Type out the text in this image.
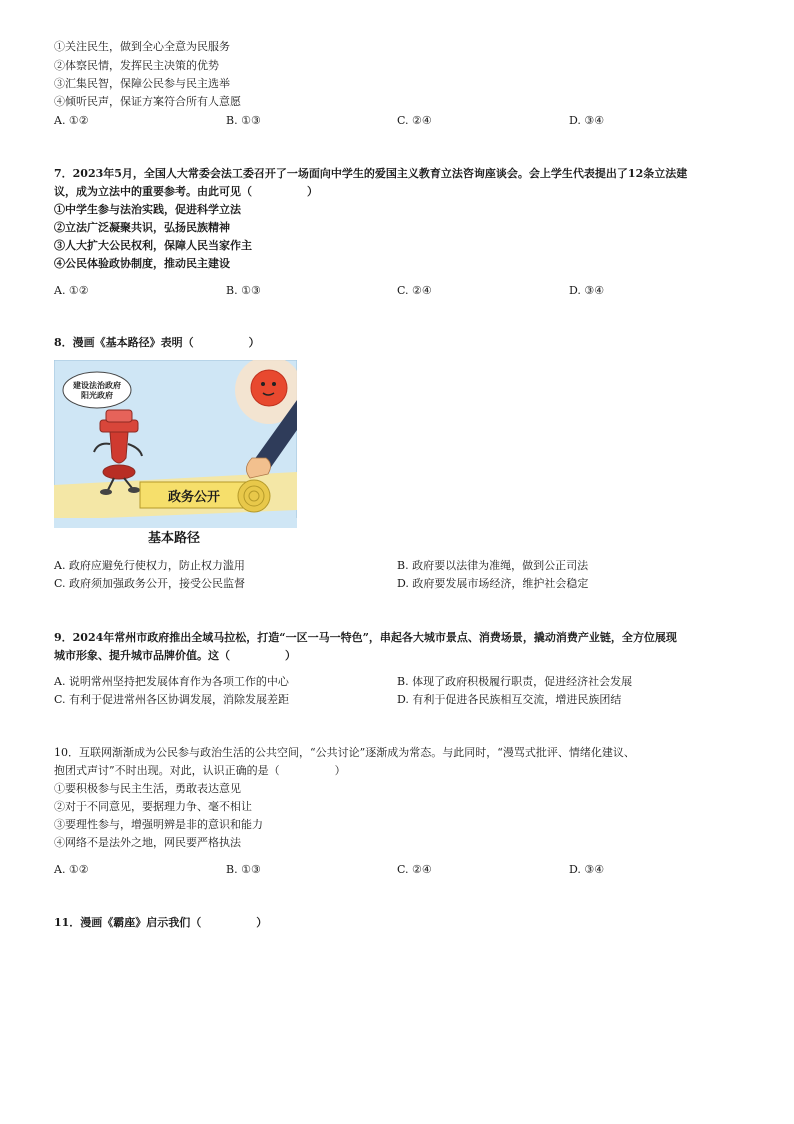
①关注民生，做到全心全意为民服务
②体察民情，发挥民主决策的优势
③汇集民智，保障公民参与民主选举
④倾听民声，保证方案符合所有人意愿
A. ①②	B. ①③	C. ②④	D. ③④
7．2023年5月，全国人大常委会法工委召开了一场面向中学生的爱国主义教育立法咨询座谈会。会上学生代表提出了12条立法建
议，成为立法中的重要参考。由此可见（　　　　　）
①中学生参与法治实践，促进科学立法
②立法广泛凝聚共识，弘扬民族精神
③人大扩大公民权利，保障人民当家作主
④公民体验政协制度，推动民主建设
A. ①②	B. ①③	C. ②④	D. ③④
8．漫画《基本路径》表明（　　　　　）
建设法治政府
阳光政府
政务公开
基本路径
A. 政府应避免行使权力，防止权力滥用	B. 政府要以法律为准绳，做到公正司法
C. 政府须加强政务公开，接受公民监督	D. 政府要发展市场经济，维护社会稳定
9．2024年常州市政府推出全域马拉松，打造“一区一马一特色”，串起各大城市景点、消费场景，撬动消费产业链，全方位展现
城市形象、提升城市品牌价值。这（　　　　　）
A. 说明常州坚持把发展体育作为各项工作的中心	B. 体现了政府积极履行职责，促进经济社会发展
C. 有利于促进常州各区协调发展，消除发展差距	D. 有利于促进各民族相互交流，增进民族团结
10．互联网渐渐成为公民参与政治生活的公共空间，“公共讨论”逐渐成为常态。与此同时，“漫骂式批评、情绪化建议、
抱团式声讨”不时出现。对此，认识正确的是（　　　　　）
①要积极参与民主生活，勇敢表达意见
②对于不同意见，要据理力争、毫不相让
③要理性参与，增强明辨是非的意识和能力
④网络不是法外之地，网民要严格执法
A. ①②	B. ①③	C. ②④	D. ③④
11．漫画《霸座》启示我们（　　　　　）
